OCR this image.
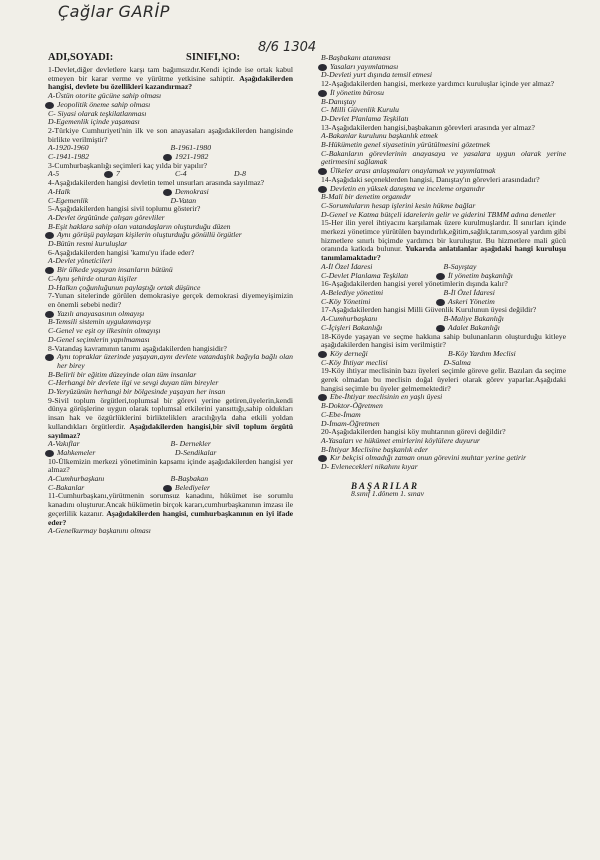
Çağlar GARİP
8/6 1304
ADI,SOYADI:	SINIFI,NO:

1-Devlet,diğer devletlere karşı tam bağımsızdır.Kendi içinde ise ortak kabul etmeyen bir karar verme ve yürütme yetkisine sahiptir. Aşağıdakilerden hangisi, devlete bu özellikleri kazandırmaz?

A-Üstün otorite gücüne sahip olması

Jeopolitik öneme sahip olması

C- Siyasi olarak teşkilatlanması

D-Egemenlik içinde yaşaması

2-Türkiye Cumhuriyeti'nin ilk ve son anayasaları aşağıdakilerden hangisinde birlikte verilmiştir?

A-1920-1960	B-1961-1980
C-1941-1982	1921-1982

3-Cumhurbaşkanlığı seçimleri kaç yılda bir yapılır?

A-5	7	C-4	D-8

4-Aşağıdakilerden hangisi devletin temel unsurları arasında sayılmaz?

A-Halk	Demokrasi
C-Egemenlik	D-Vatan

5-Aşağıdakilerden hangisi sivil toplumu gösterir?

A-Devlet örgütünde çalışan görevliler

B-Eşit haklara sahip olan vatandaşların oluşturduğu düzen

Aynı görüşü paylaşan kişilerin oluşturduğu gönüllü örgütler

D-Bütün resmi kuruluşlar

6-Aşağıdakilerden hangisi 'kamu'yu ifade eder?

A-Devlet yöneticileri

Bir ülkede yaşayan insanların bütünü

C-Aynı şehirde oturan kişiler

D-Halkın çoğunluğunun paylaştığı ortak düşünce

7-Yunan sitelerinde görülen demokrasiye gerçek demokrasi diyemeyişimizin en önemli sebebi nedir?

Yazılı anayasasının olmayışı

B-Temsili sistemin uygulanmayışı

C-Genel ve eşit oy ilkesinin olmayışı

D-Genel seçimlerin yapılmaması

8-Vatandaş kavramının tanımı aşağıdakilerden hangisidir?

Aynı topraklar üzerinde yaşayan,aynı devlete vatandaşlık bağıyla bağlı olan her birey

B-Belirli bir eğitim düzeyinde olan tüm insanlar

C-Herhangi bir devlete ilgi ve sevgi duyan tüm bireyler

D-Yeryüzünün herhangi bir bölgesinde yaşayan her insan

9-Sivil toplum örgütleri,toplumsal bir görevi yerine getiren,üyelerin,kendi dünya görüşlerine uygun olarak toplumsal etkilerini yansıttığı,sahip oldukları insan hak ve özgürlüklerini birlikteliklerı aracılığıyla daha etkili yoldan kullandıkları örgütlerdir. Aşağıdakilerden hangisi,bir sivil toplum örgütü sayılmaz?

A-Vakıflar	B- Dernekler
Mahkemeler	D-Sendikalar

10-Ülkemizin merkezi yönetiminin kapsamı içinde aşağıdakilerden hangisi yer almaz?

A-Cumhurbaşkanı	B-Başbakan
C-Bakanlar	Belediyeler

11-Cumhurbaşkanı,yürütmenin sorumsuz kanadını, hükümet ise sorumlu kanadını oluşturur.Ancak hükümetin birçok kararı,cumhurbaşkanının imzası ile geçerlilik kazanır. Aşağıdakilerden hangisi, cumhurbaşkanının en iyi ifade eder?

A-Genelkurmay başkanını olması

B-Başbakanı atanması

Yasaları yayımlatması

D-Devleti yurt dışında temsil etmesi

12-Aşağıdakilerden hangisi, merkeze yardımcı kuruluşlar içinde yer almaz?

İl yönetim bürosu

B-Danıştay

C- Milli Güvenlik Kurulu

D-Devlet Planlama Teşkilatı

13-Aşağıdakilerden hangisi,başbakanın görevleri arasında yer almaz?

A-Bakanlar kurulunu başkanlık etmek

B-Hükümetin genel siyasetinin yürütülmesini gözetmek

C-Bakanların görevlerinin anayasaya ve yasalara uygun olarak yerine getirmesini sağlamak

Ülkeler arası anlaşmaları onaylamak ve yayımlatmak

14-Aşağıdaki seçeneklerden hangisi, Danıştay'ın görevleri arasındadır?

Devletin en yüksek danışma ve inceleme organıdır

B-Mali bir denetim organıdır

C-Sorumluların hesap işlerini kesin hükme bağlar

D-Genel ve Katma bütçeli idarelerin gelir ve giderini TBMM adına denetler

15-Her ilin yerel ihtiyacını karşılamak üzere kurulmuşlardır. İl sınırları içinde merkezi yönetimce yürütülen bayındırlık,eğitim,sağlık,tarım,sosyal yardım gibi hizmetlere sınırlı biçimde yardımcı bir kuruluştur. Bu hizmetlere mali gücü oranında katkıda bulunur. Yukarıda anlatılanlar aşağıdaki hangi kuruluşu tanımlamaktadır?

A-İl Özel İdaresi	B-Sayıştay
C-Devlet Planlama Teşkilatı	İl yönetim başkanlığı

16-Aşağıdakilerden hangisi yerel yönetimlerin dışında kalır?

A-Belediye yönetimi	B-İl Özel İdaresi
C-Köy Yönetimi	Askeri Yönetim

17-Aşağıdakilerden hangisi Milli Güvenlik Kurulunun üyesi değildir?

A-Cumhurbaşkanı	B-Maliye Bakanlığı
C-İçişleri Bakanlığı	Adalet Bakanlığı

18-Köyde yaşayan ve seçme hakkına sahip bulunanların oluşturduğu kitleye aşağıdakilerden hangisi isim verilmiştir?

Köy derneği	B-Köy Yardım Meclisi
C-Köy İhtiyar meclisi	D-Salma

19-Köy ihtiyar meclisinin bazı üyeleri seçimle göreve gelir. Bazıları da seçime gerek olmadan bu meclisin doğal üyeleri olarak görev yaparlar.Aşağıdaki hangisi seçimle bu üyeler gelmemektedir?

Ebe-İhtiyar meclisinin en yaşlı üyesi

B-Doktor-Öğretmen

C-Ebe-İmam

D-İmam-Öğretmen

20-Aşağıdakilerden hangisi köy muhtarının görevi değildir?

A-Yasaları ve hükümet emirlerini köylülere duyurur

B-İhtiyar Meclisine başkanlık eder

Kır bekçisi olmadığı zaman onun görevini muhtar yerine getirir

D- Evlenecekleri nikahını kıyar

BAŞARILAR
8.sınıf 1.dönem 1. sınav
